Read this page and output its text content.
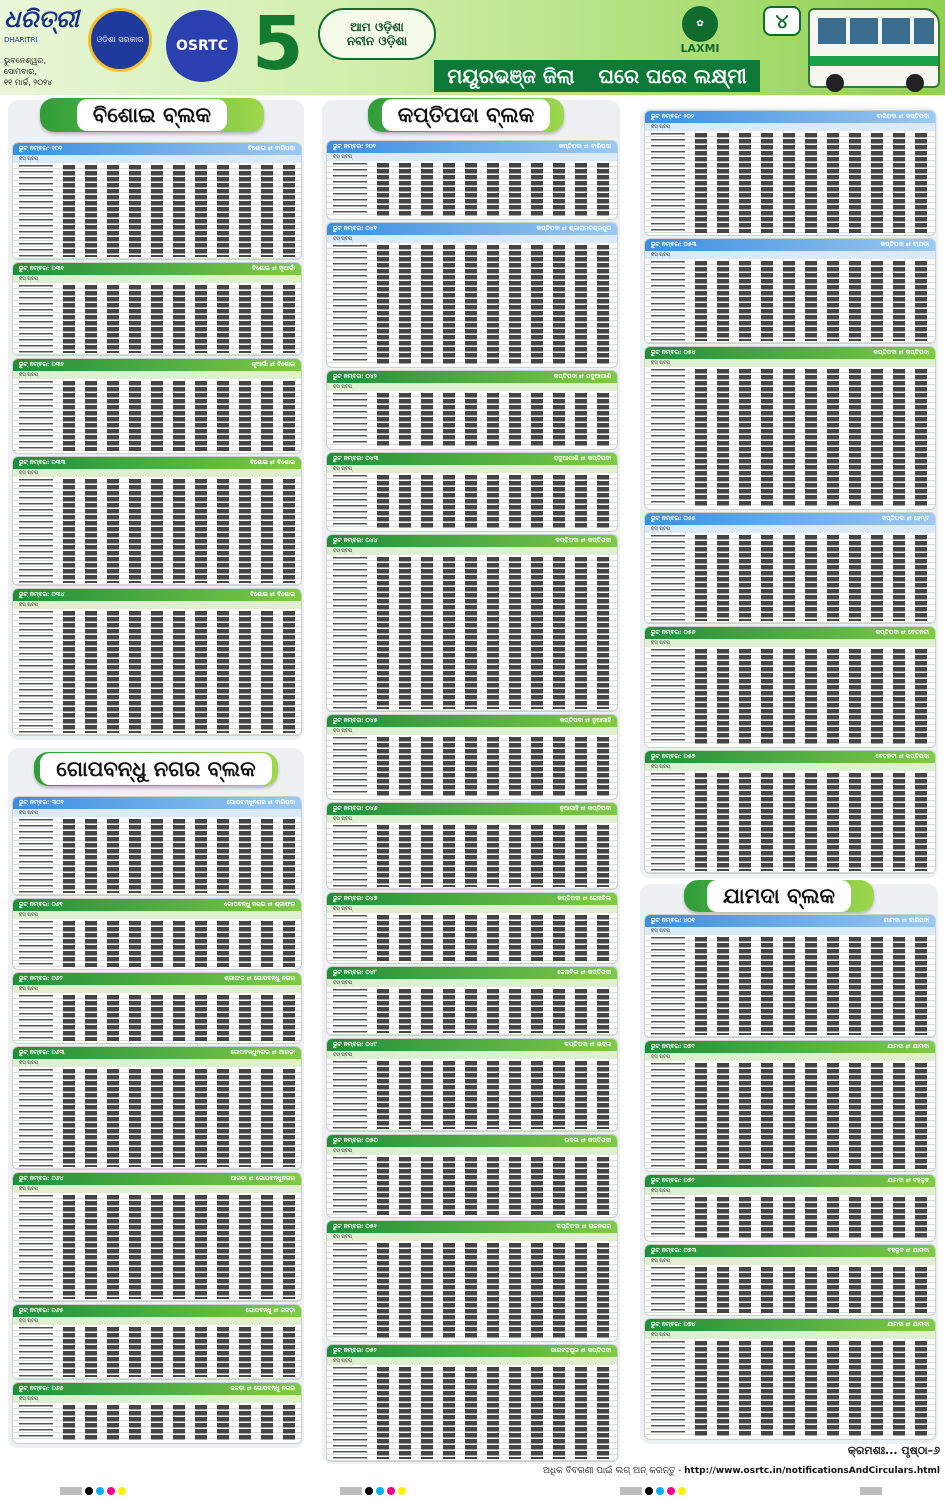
ଧରିତ୍ରୀ
DHARITRI
ଭୁବନେଶ୍ୱର, ସୋମବାର,
୧୧ ମାର୍ଚ୍ଚ, ୨୦୨୪
ଓଡ଼ିଶା ସରକାର	OSRTC 5	ଆମ ଓଡ଼ିଶା
ନବୀନ ଓଡ଼ିଶା
✿
LAXMI
୪
ମୟୂରଭଞ୍ଜ ଜିଲା ଘରେ ଘରେ ଲକ୍ଷ୍ମୀ
ବିଶୋଇ ବ୍ଲକ
ରୁଟ୍ ନମ୍ବର: ୧୦୧	ବିଶୋଇ ⇄ ବାରିପଦା
ବସ୍ ଷ୍ଟପ୍
ରୁଟ୍ ନମ୍ବର: ୦୩୧	ବିଶୋଇ ⇄ ନୂଆଗାଁ
ବସ୍ ଷ୍ଟପ୍
ରୁଟ୍ ନମ୍ବର: ୦୩୨	ନୂଆଗାଁ ⇄ ବିଶୋଇ
ବସ୍ ଷ୍ଟପ୍
ରୁଟ୍ ନମ୍ବର: ୦୩୩	ବିଶୋଇ ⇄ ବିଶୋଇ
ବସ୍ ଷ୍ଟପ୍
ରୁଟ୍ ନମ୍ବର: ୦୩୪	ବିଶୋଇ ⇄ ବିଶୋଇ
ବସ୍ ଷ୍ଟପ୍
ଗୋପବନ୍ଧୁ ନଗର ବ୍ଲକ
ରୁଟ୍ ନମ୍ବର: ୩୦୧	ଗୋପବନ୍ଧୁନଗର ⇄ ବାରିପଦା
ବସ୍ ଷ୍ଟପ୍
ରୁଟ୍ ନମ୍ବର: ୦୬୧	ଗୋପବନ୍ଧୁ ନଗର ⇄ ଶ୍ରୀଫଳ
ବସ୍ ଷ୍ଟପ୍
ରୁଟ୍ ନମ୍ବର: ୦୬୨	ଶ୍ରୀଫଳ ⇄ ଗୋପବନ୍ଧୁ ନଗର
ବସ୍ ଷ୍ଟପ୍
ରୁଟ୍ ନମ୍ବର: ୦୬୩	ଗୋପବନ୍ଧୁନଗର ⇄ ଆରଡ଼ା
ବସ୍ ଷ୍ଟପ୍
ରୁଟ୍ ନମ୍ବର: ୦୬୪	ଆରଡ଼ା ⇄ ଗୋପବନ୍ଧୁନଗର
ବସ୍ ଷ୍ଟପ୍
ରୁଟ୍ ନମ୍ବର: ୦୬୫	ଗୋପବନ୍ଧୁ ⇄ ଜଳଡ଼ା
ବସ୍ ଷ୍ଟପ୍
ରୁଟ୍ ନମ୍ବର: ୦୬୬	ଜଳଡ଼ା ⇄ ଗୋପବନ୍ଧୁ ନଗର
ବସ୍ ଷ୍ଟପ୍
କପ୍ତିପଦା ବ୍ଲକ
ରୁଟ୍ ନମ୍ବର: ୨୦୧	କପ୍ତିପଦା ⇄ ବାରିପଦା
ବସ୍ ଷ୍ଟପ୍
ରୁଟ୍ ନମ୍ବର: ୦୪୧	କପ୍ତିପଦା ⇄ ଶ୍ରୀରାମଚନ୍ଦ୍ରପୁର
ବସ୍ ଷ୍ଟପ୍
ରୁଟ୍ ନମ୍ବର: ୦୪୨	କପ୍ତିପଦା ⇄ ପଦୁଆପାଣି
ବସ୍ ଷ୍ଟପ୍
ରୁଟ୍ ନମ୍ବର: ୦୪୩	ପଦୁଆପାଣି ⇄ କପ୍ତିପଦା
ବସ୍ ଷ୍ଟପ୍
ରୁଟ୍ ନମ୍ବର: ୦୪୪	କପ୍ତିପଦା ⇄ କପ୍ତିପଦା
ବସ୍ ଷ୍ଟପ୍
ରୁଟ୍ ନମ୍ବର: ୦୪୫	କପ୍ତିପଦା ⇄ ନୁଆସାହି
ବସ୍ ଷ୍ଟପ୍
ରୁଟ୍ ନମ୍ବର: ୦୪୬	ନୁଆସାହି ⇄ କପ୍ତିପଦା
ବସ୍ ଷ୍ଟପ୍
ରୁଟ୍ ନମ୍ବର: ୦୪୭	କପ୍ତିପଦା ⇄ ଜେନାବିଲ
ବସ୍ ଷ୍ଟପ୍
ରୁଟ୍ ନମ୍ବର: ୦୪୮	ଜେନାବିଲ ⇄ କପ୍ତିପଦା
ବସ୍ ଷ୍ଟପ୍
ରୁଟ୍ ନମ୍ବର: ୦୪୯	କପ୍ତିପଦା ⇄ ଉଦଳା
ବସ୍ ଷ୍ଟପ୍
ରୁଟ୍ ନମ୍ବର: ୦୫୦	ଉଦଳା ⇄ କପ୍ତିପଦା
ବସ୍ ଷ୍ଟପ୍
ରୁଟ୍ ନମ୍ବର: ୦୫୧	କପ୍ତିପଦା ⇄ ରାଜନଗର
ବସ୍ ଷ୍ଟପ୍
ରୁଟ୍ ନମ୍ବର: ୦୫୨	ଭାଗବତପୁର ⇄ କପ୍ତିପଦା
ବସ୍ ଷ୍ଟପ୍
ରୁଟ୍ ନମ୍ବର: ୨୦୨	ବାରିପଦା ⇄ କପ୍ତିପଦା
ବସ୍ ଷ୍ଟପ୍
ରୁଟ୍ ନମ୍ବର: ୦୫୩	କପ୍ତିପଦା ⇄ ବାଘଡ଼ା
ବସ୍ ଷ୍ଟପ୍
ରୁଟ୍ ନମ୍ବର: ୦୫୪	କପ୍ତିପଦା ⇄ କପ୍ତିପଦା
ବସ୍ ଷ୍ଟପ୍
ରୁଟ୍ ନମ୍ବର: ୦୫୫	କପ୍ତିପଦା ⇄ ହେମ୍ବ
ବସ୍ ଷ୍ଟପ୍
ରୁଟ୍ ନମ୍ବର: ୦୫୬	କପ୍ତିପଦା ⇄ ବେତନଟୀ
ବସ୍ ଷ୍ଟପ୍
ରୁଟ୍ ନମ୍ବର: ୦୫୭	ବେତନଟୀ ⇄ କପ୍ତିପଦା
ବସ୍ ଷ୍ଟପ୍
ଯାମଦା ବ୍ଲକ
ରୁଟ୍ ନମ୍ବର: ୪୦୧	ଯାମଦା ⇄ ବାରିପଦା
ବସ୍ ଷ୍ଟପ୍
ରୁଟ୍ ନମ୍ବର: ୦୭୧	ଯାମଦା ⇄ ଯାମଦା
ବସ୍ ଷ୍ଟପ୍
ରୁଟ୍ ନମ୍ବର: ୦୭୨	ଯାମଦା ⇄ ବହଳୁଦ
ବସ୍ ଷ୍ଟପ୍
ରୁଟ୍ ନମ୍ବର: ୦୭୩	ବହଳୁଦ ⇄ ଯାମଦା
ବସ୍ ଷ୍ଟପ୍
ରୁଟ୍ ନମ୍ବର: ୦୭୪	ଯାମଦା ⇄ ଯାମଦା
ବସ୍ ଷ୍ଟପ୍
କ୍ରମଶଃ... ପୃଷ୍ଠା–୬
ଅଧିକ ବିବରଣୀ ପାଇଁ ଲଗ୍ ଅନ୍ କରନ୍ତୁ - http://www.osrtc.in/notificationsAndCirculars.html
